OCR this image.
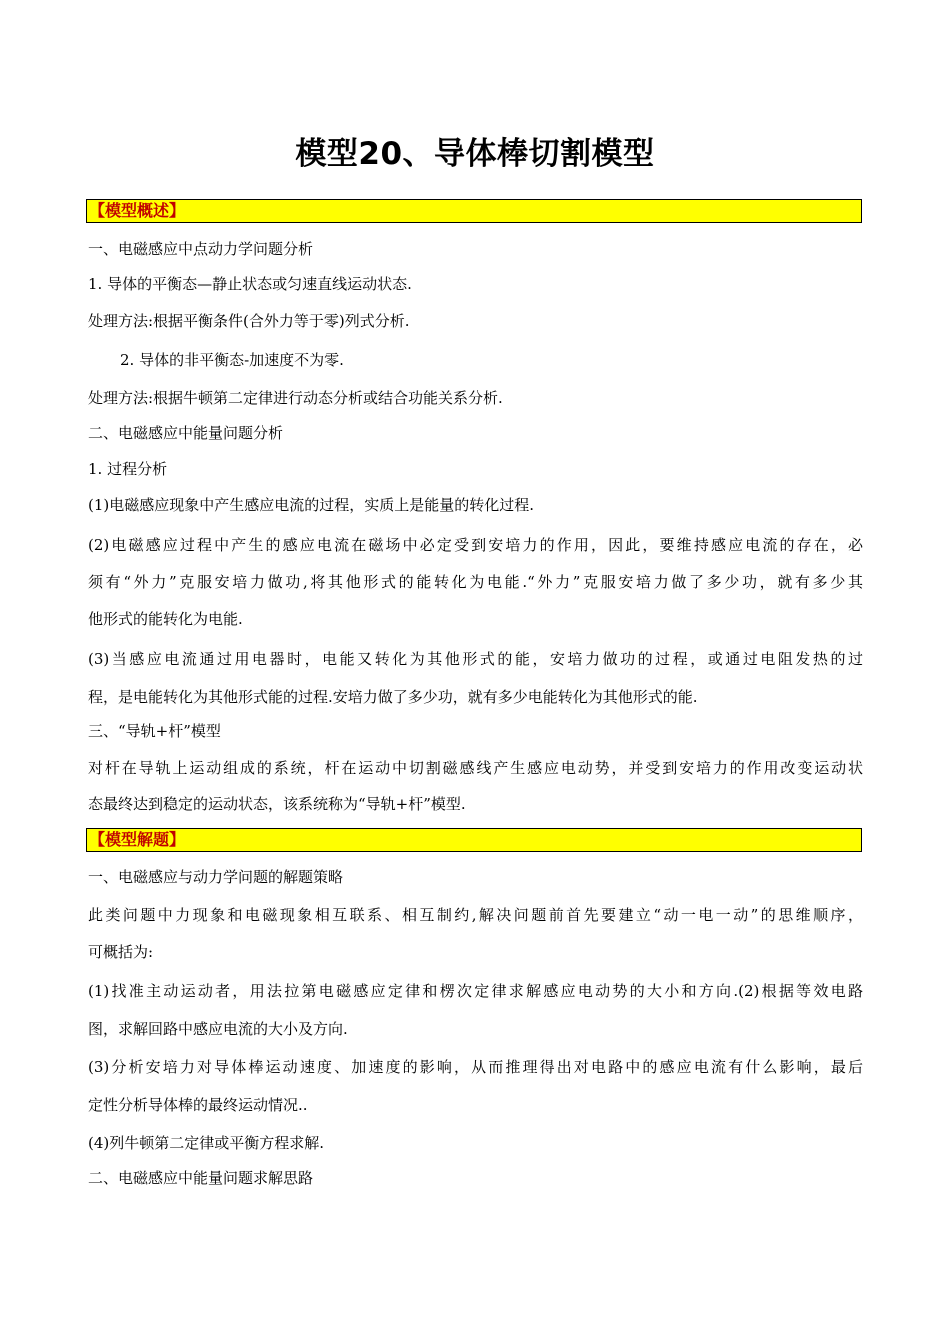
模型20、导体棒切割模型
【模型概述】
一、电磁感应中点动力学问题分析
1. 导体的平衡态—静止状态或匀速直线运动状态.
处理方法:根据平衡条件(合外力等于零)列式分析.
2. 导体的非平衡态-加速度不为零.
处理方法:根据牛顿第二定律进行动态分析或结合功能关系分析.
二、电磁感应中能量问题分析
1. 过程分析
(1)电磁感应现象中产生感应电流的过程，实质上是能量的转化过程.
(2)电磁感应过程中产生的感应电流在磁场中必定受到安培力的作用，因此，要维持感应电流的存在，必
须有“外力”克服安培力做功,将其他形式的能转化为电能.“外力”克服安培力做了多少功，就有多少其
他形式的能转化为电能.
(3)当感应电流通过用电器时，电能又转化为其他形式的能，安培力做功的过程，或通过电阻发热的过
程，是电能转化为其他形式能的过程.安培力做了多少功，就有多少电能转化为其他形式的能.
三、“导轨+杆”模型
对杆在导轨上运动组成的系统，杆在运动中切割磁感线产生感应电动势，并受到安培力的作用改变运动状
态最终达到稳定的运动状态，该系统称为“导轨+杆”模型.
【模型解题】
一、电磁感应与动力学问题的解题策略
此类问题中力现象和电磁现象相互联系、相互制约,解决问题前首先要建立“动一电一动”的思维顺序，
可概括为:
(1)找准主动运动者，用法拉第电磁感应定律和楞次定律求解感应电动势的大小和方向.(2)根据等效电路
图，求解回路中感应电流的大小及方向.
(3)分析安培力对导体棒运动速度、加速度的影响，从而推理得出对电路中的感应电流有什么影响，最后
定性分析导体棒的最终运动情况..
(4)列牛顿第二定律或平衡方程求解.
二、电磁感应中能量问题求解思路
